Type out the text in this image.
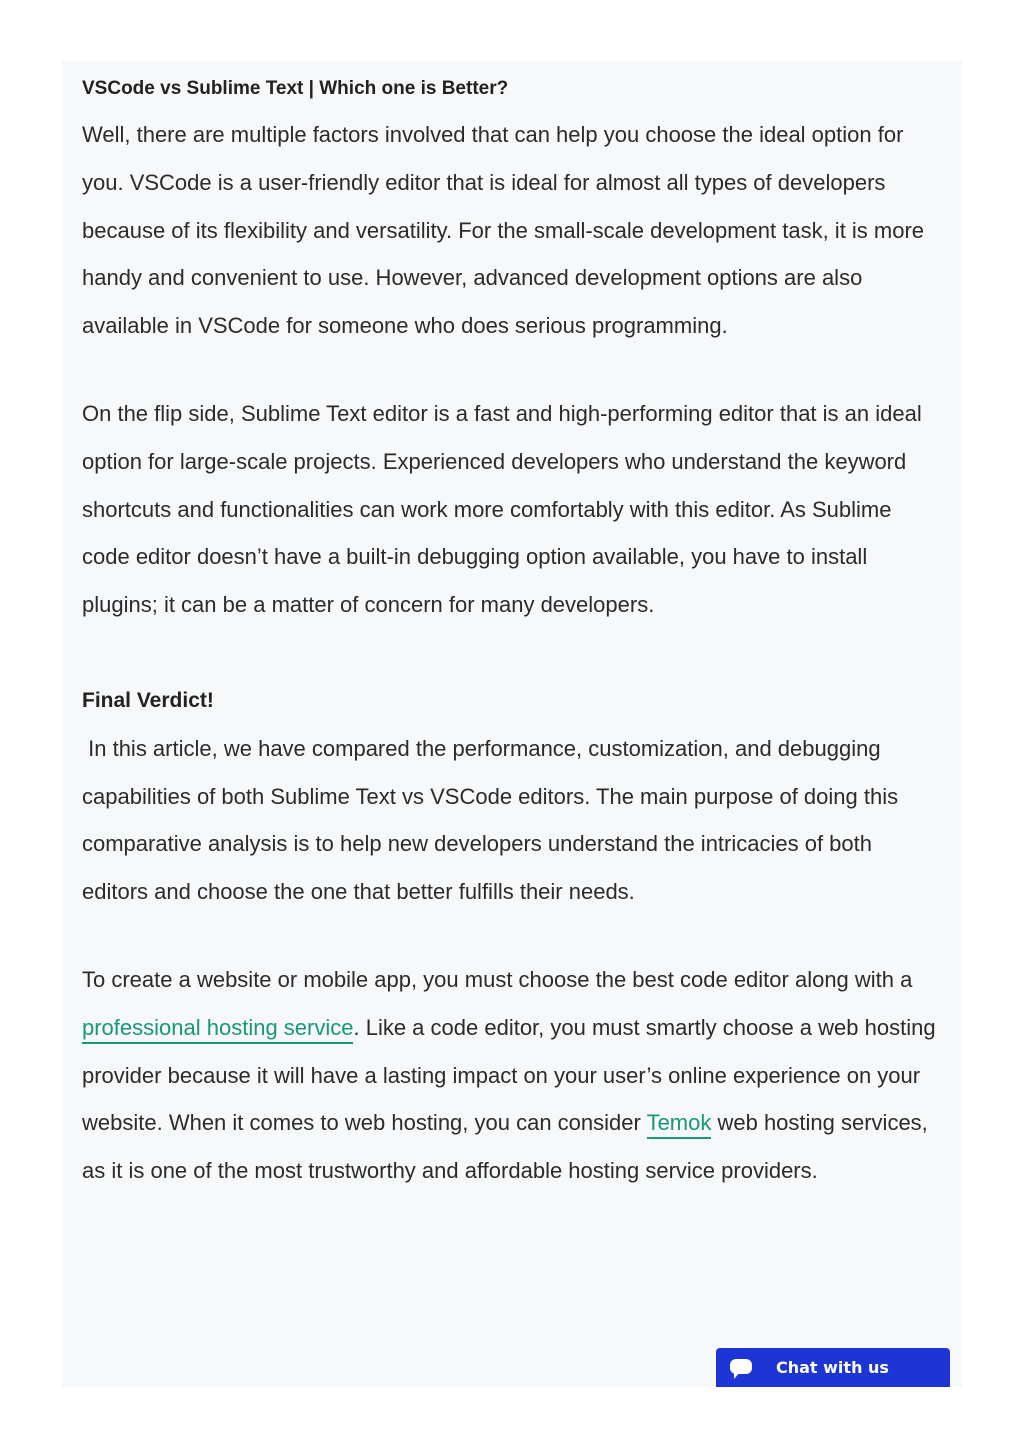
VSCode vs Sublime Text | Which one is Better?

Well, there are multiple factors involved that can help you choose the ideal option for you. VSCode is a user-friendly editor that is ideal for almost all types of developers because of its flexibility and versatility. For the small-scale development task, it is more handy and convenient to use. However, advanced development options are also available in VSCode for someone who does serious programming.

On the flip side, Sublime Text editor is a fast and high-performing editor that is an ideal option for large-scale projects. Experienced developers who understand the keyword shortcuts and functionalities can work more comfortably with this editor. As Sublime code editor doesn’t have a built-in debugging option available, you have to install plugins; it can be a matter of concern for many developers.

Final Verdict!

In this article, we have compared the performance, customization, and debugging capabilities of both Sublime Text vs VSCode editors. The main purpose of doing this comparative analysis is to help new developers understand the intricacies of both editors and choose the one that better fulfills their needs.

To create a website or mobile app, you must choose the best code editor along with a professional hosting service. Like a code editor, you must smartly choose a web hosting provider because it will have a lasting impact on your user’s online experience on your website. When it comes to web hosting, you can consider Temok web hosting services, as it is one of the most trustworthy and affordable hosting service providers.

Chat with us
